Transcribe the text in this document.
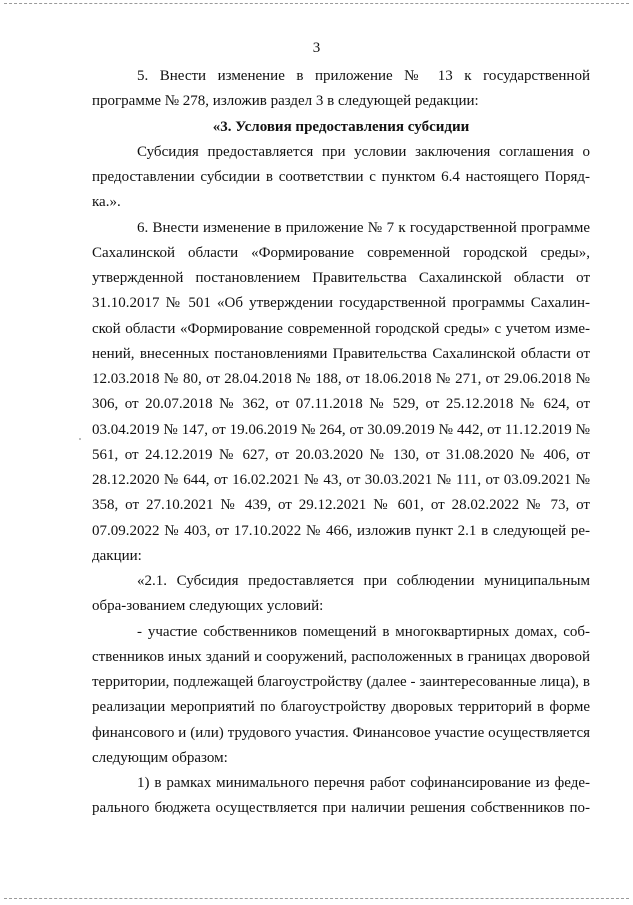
3

5. Внести изменение в приложение № 13 к государственной программе № 278, изложив раздел 3 в следующей редакции:

«3. Условия предоставления субсидии

Субсидия предоставляется при условии заключения соглашения о предоставлении субсидии в соответствии с пунктом 6.4 настоящего Поряд-ка.».

6. Внести изменение в приложение № 7 к государственной программе Сахалинской области «Формирование современной городской среды», утвержденной постановлением Правительства Сахалинской области от 31.10.2017 № 501 «Об утверждении государственной программы Сахалин-ской области «Формирование современной городской среды» с учетом изме-нений, внесенных постановлениями Правительства Сахалинской области от 12.03.2018 № 80, от 28.04.2018 № 188, от 18.06.2018 № 271, от 29.06.2018 № 306, от 20.07.2018 № 362, от 07.11.2018 № 529, от 25.12.2018 № 624, от 03.04.2019 № 147, от 19.06.2019 № 264, от 30.09.2019 № 442, от 11.12.2019 № 561, от 24.12.2019 № 627, от 20.03.2020 № 130, от 31.08.2020 № 406, от 28.12.2020 № 644, от 16.02.2021 № 43, от 30.03.2021 № 111, от 03.09.2021 № 358, от 27.10.2021 № 439, от 29.12.2021 № 601, от 28.02.2022 № 73, от 07.09.2022 № 403, от 17.10.2022 № 466, изложив пункт 2.1 в следующей ре-дакции:

«2.1. Субсидия предоставляется при соблюдении муниципальным обра-зованием следующих условий:

- участие собственников помещений в многоквартирных домах, соб-ственников иных зданий и сооружений, расположенных в границах дворовой территории, подлежащей благоустройству (далее - заинтересованные лица), в реализации мероприятий по благоустройству дворовых территорий в форме финансового и (или) трудового участия. Финансовое участие осуществляется следующим образом:

1) в рамках минимального перечня работ софинансирование из феде-рального бюджета осуществляется при наличии решения собственников по-
